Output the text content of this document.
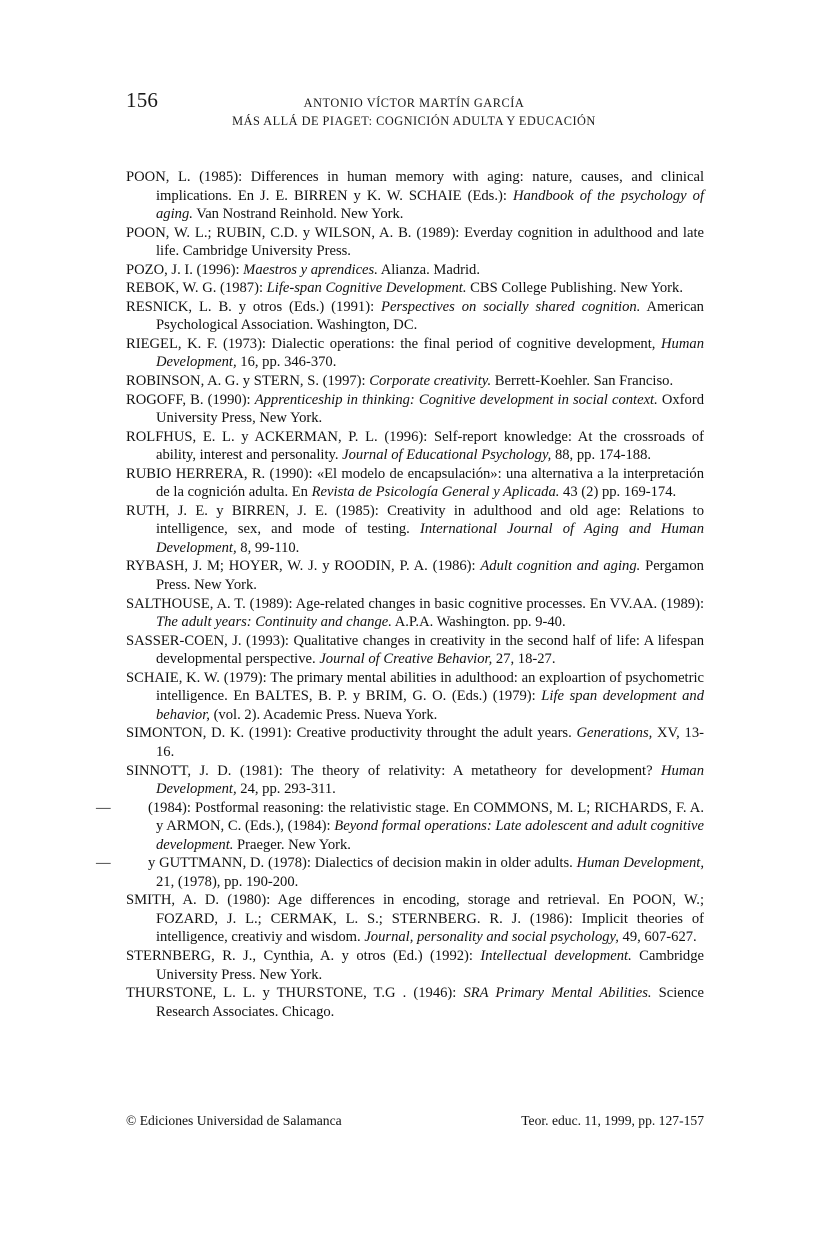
156	ANTONIO VÍCTOR MARTÍN GARCÍA
MÁS ALLÁ DE PIAGET: COGNICIÓN ADULTA Y EDUCACIÓN

POON, L. (1985): Differences in human memory with aging: nature, causes, and clinical implications. En J. E. BIRREN y K. W. SCHAIE (Eds.): Handbook of the psychology of aging. Van Nostrand Reinhold. New York.

POON, W. L.; RUBIN, C.D. y WILSON, A. B. (1989): Everday cognition in adulthood and late life. Cambridge University Press.

POZO, J. I. (1996): Maestros y aprendices. Alianza. Madrid.

REBOK, W. G. (1987): Life-span Cognitive Development. CBS College Publishing. New York.

RESNICK, L. B. y otros (Eds.) (1991): Perspectives on socially shared cognition. American Psychological Association. Washington, DC.

RIEGEL, K. F. (1973): Dialectic operations: the final period of cognitive development, Human Development, 16, pp. 346-370.

ROBINSON, A. G. y STERN, S. (1997): Corporate creativity. Berrett-Koehler. San Franciso.

ROGOFF, B. (1990): Apprenticeship in thinking: Cognitive development in social context. Oxford University Press, New York.

ROLFHUS, E. L. y ACKERMAN, P. L. (1996): Self-report knowledge: At the crossroads of ability, interest and personality. Journal of Educational Psychology, 88, pp. 174-188.

RUBIO HERRERA, R. (1990): «El modelo de encapsulación»: una alternativa a la interpretación de la cognición adulta. En Revista de Psicología General y Aplicada. 43 (2) pp. 169-174.

RUTH, J. E. y BIRREN, J. E. (1985): Creativity in adulthood and old age: Relations to intelligence, sex, and mode of testing. International Journal of Aging and Human Development, 8, 99-110.

RYBASH, J. M; HOYER, W. J. y ROODIN, P. A. (1986): Adult cognition and aging. Pergamon Press. New York.

SALTHOUSE, A. T. (1989): Age-related changes in basic cognitive processes. En VV.AA. (1989): The adult years: Continuity and change. A.P.A. Washington. pp. 9-40.

SASSER-COEN, J. (1993): Qualitative changes in creativity in the second half of life: A lifespan developmental perspective. Journal of Creative Behavior, 27, 18-27.

SCHAIE, K. W. (1979): The primary mental abilities in adulthood: an exploartion of psychometric intelligence. En BALTES, B. P. y BRIM, G. O. (Eds.) (1979): Life span development and behavior, (vol. 2). Academic Press. Nueva York.

SIMONTON, D. K. (1991): Creative productivity throught the adult years. Generations, XV, 13-16.

SINNOTT, J. D. (1981): The theory of relativity: A metatheory for development? Human Development, 24, pp. 293-311.

—	(1984): Postformal reasoning: the relativistic stage. En COMMONS, M. L; RICHARDS, F. A. y ARMON, C. (Eds.), (1984): Beyond formal operations: Late adolescent and adult cognitive development. Praeger. New York.

—	y GUTTMANN, D. (1978): Dialectics of decision makin in older adults. Human Development, 21, (1978), pp. 190-200.

SMITH, A. D. (1980): Age differences in encoding, storage and retrieval. En POON, W.; FOZARD, J. L.; CERMAK, L. S.; STERNBERG. R. J. (1986): Implicit theories of intelligence, creativiy and wisdom. Journal, personality and social psychology, 49, 607-627.

STERNBERG, R. J., Cynthia, A. y otros (Ed.) (1992): Intellectual development. Cambridge University Press. New York.

THURSTONE, L. L. y THURSTONE, T.G . (1946): SRA Primary Mental Abilities. Science Research Associates. Chicago.

© Ediciones Universidad de Salamanca	Teor. educ. 11, 1999, pp. 127-157
